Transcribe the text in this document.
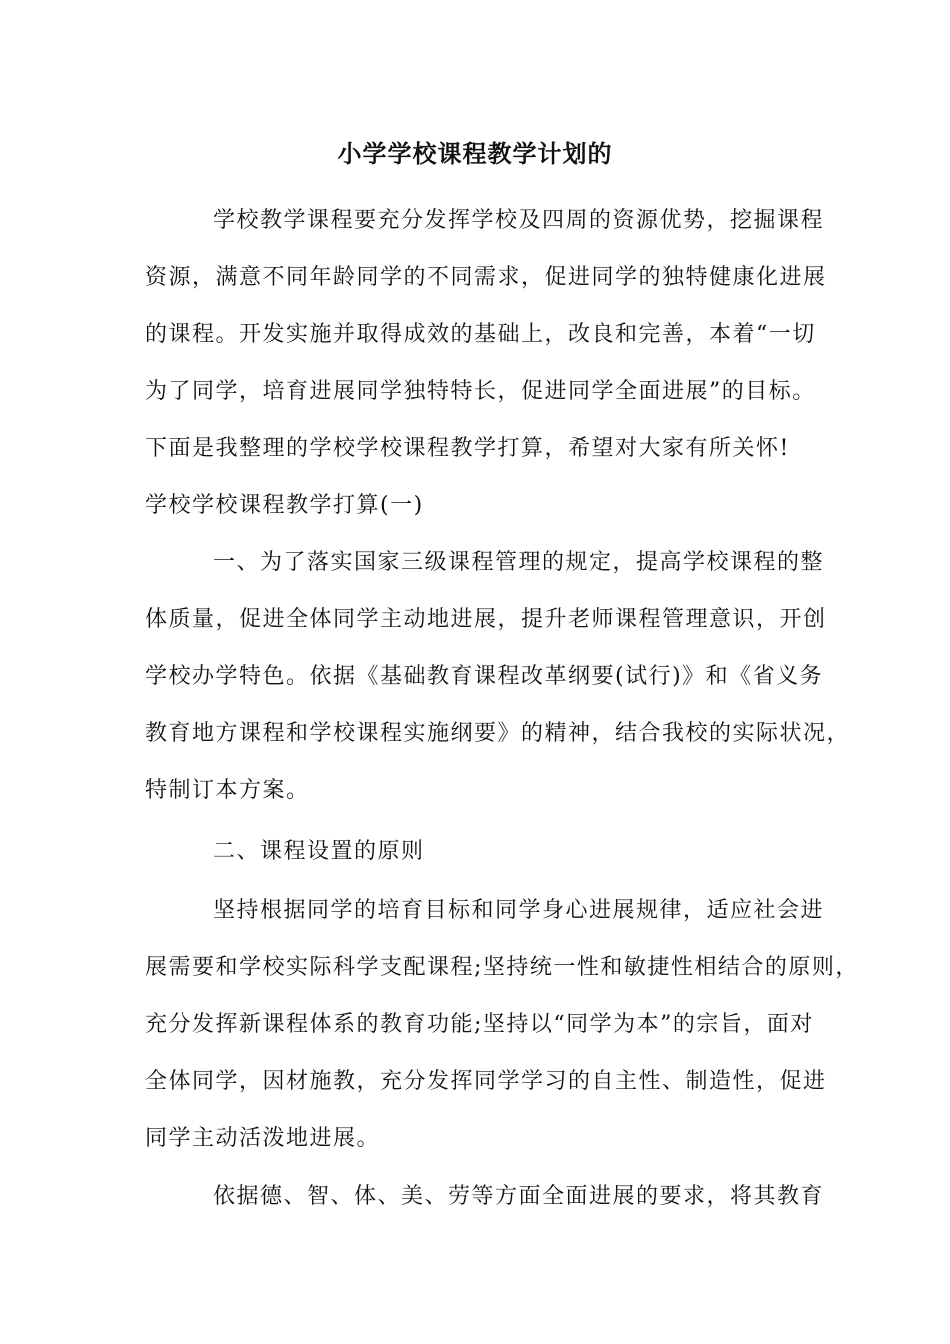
小学学校课程教学计划的
学校教学课程要充分发挥学校及四周的资源优势，挖掘课程
资源，满意不同年龄同学的不同需求，促进同学的独特健康化进展
的课程。开发实施并取得成效的基础上，改良和完善，本着“一切
为了同学，培育进展同学独特特长，促进同学全面进展”的目标。
下面是我整理的学校学校课程教学打算，希望对大家有所关怀!
学校学校课程教学打算(一)
一、为了落实国家三级课程管理的规定，提高学校课程的整
体质量，促进全体同学主动地进展，提升老师课程管理意识，开创
学校办学特色。依据《基础教育课程改革纲要(试行)》和《省义务
教育地方课程和学校课程实施纲要》的精神，结合我校的实际状况，
特制订本方案。
二、课程设置的原则
坚持根据同学的培育目标和同学身心进展规律，适应社会进
展需要和学校实际科学支配课程;坚持统一性和敏捷性相结合的原则，
充分发挥新课程体系的教育功能;坚持以“同学为本”的宗旨，面对
全体同学，因材施教，充分发挥同学学习的自主性、制造性，促进
同学主动活泼地进展。
依据德、智、体、美、劳等方面全面进展的要求，将其教育
